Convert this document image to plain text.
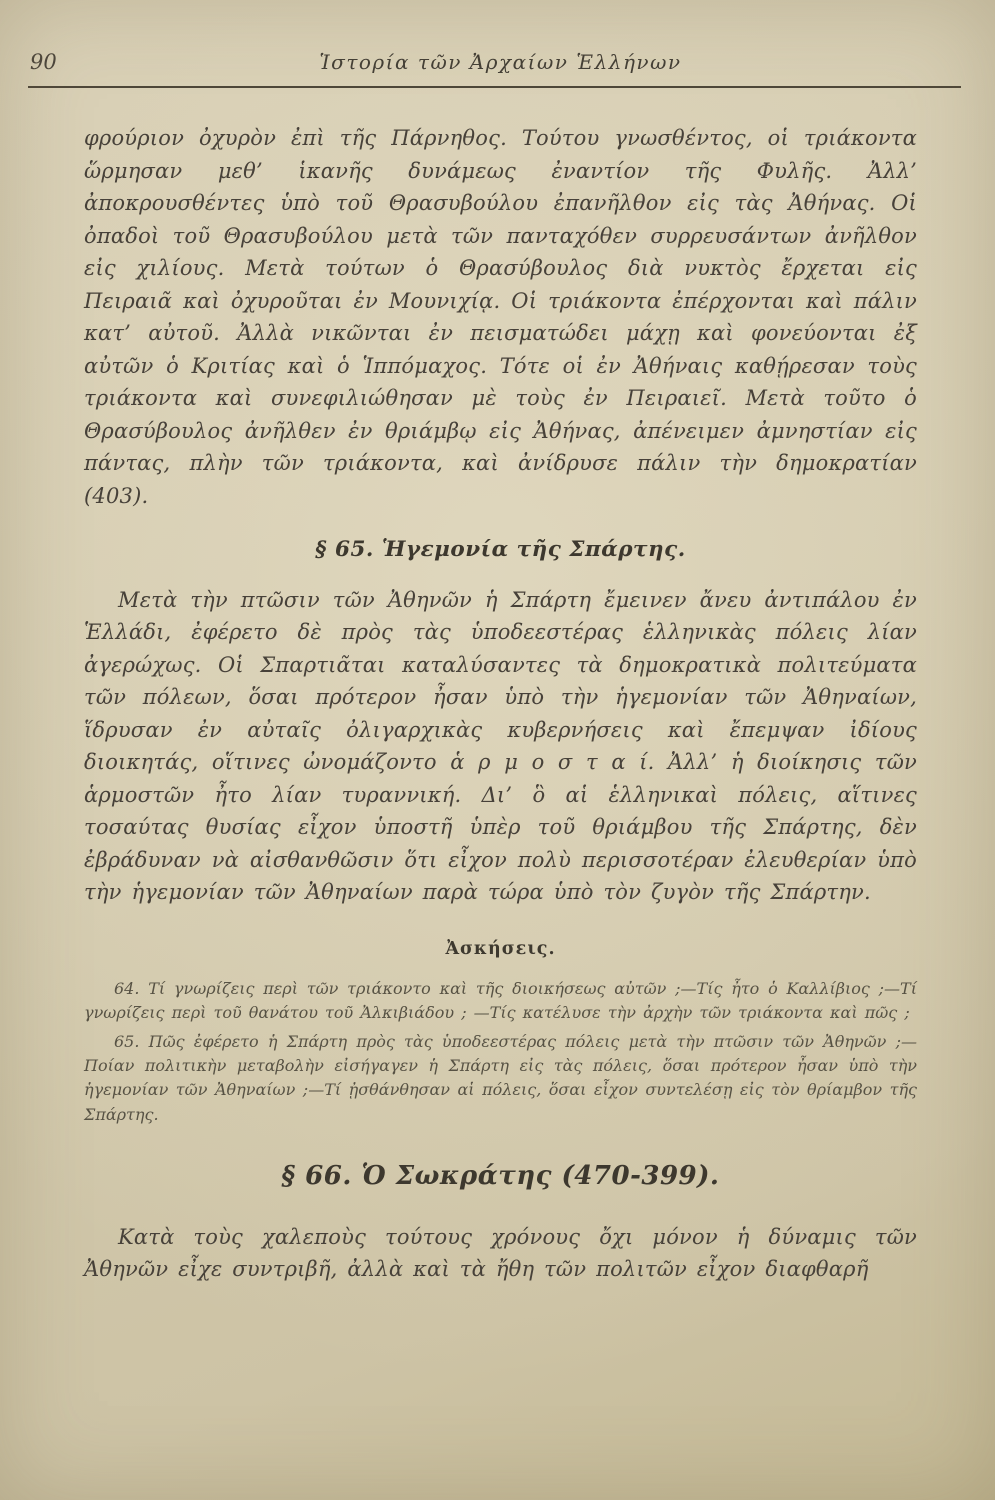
90	Ἱστορία τῶν Ἀρχαίων Ἑλλήνων

φρούριον ὀχυρὸν ἐπὶ τῆς Πάρνηθος. Τούτου γνωσθέντος, οἱ τριάκοντα ὥρμησαν μεθ’ ἱκανῆς δυνάμεως ἐναντίον τῆς Φυλῆς. Ἀλλ’ ἀποκρουσθέντες ὑπὸ τοῦ Θρασυβούλου ἐπανῆλθον εἰς τὰς Ἀθήνας. Οἱ ὀπαδοὶ τοῦ Θρασυβούλου μετὰ τῶν πανταχόθεν συρρευσάντων ἀνῆλθον εἰς χιλίους. Μετὰ τούτων ὁ Θρασύβουλος διὰ νυκτὸς ἔρχεται εἰς Πειραιᾶ καὶ ὀχυροῦται ἐν Μουνιχίᾳ. Οἱ τριάκοντα ἐπέρχονται καὶ πάλιν κατ’ αὐτοῦ. Ἀλλὰ νικῶνται ἐν πεισματώδει μάχῃ καὶ φονεύονται ἐξ αὐτῶν ὁ Κριτίας καὶ ὁ Ἱππόμαχος. Τότε οἱ ἐν Ἀθήναις καθῄρεσαν τοὺς τριάκοντα καὶ συνεφιλιώθησαν μὲ τοὺς ἐν Πειραιεῖ. Μετὰ τοῦτο ὁ Θρασύβουλος ἀνῆλθεν ἐν θριάμβῳ εἰς Ἀθήνας, ἀπένειμεν ἀμνηστίαν εἰς πάντας, πλὴν τῶν τριάκοντα, καὶ ἀνίδρυσε πάλιν τὴν δημοκρατίαν (403).

§ 65. Ἡγεμονία τῆς Σπάρτης.

Μετὰ τὴν πτῶσιν τῶν Ἀθηνῶν ἡ Σπάρτη ἔμεινεν ἄνευ ἀντιπάλου ἐν Ἑλλάδι, ἐφέρετο δὲ πρὸς τὰς ὑποδεεστέρας ἑλληνικὰς πόλεις λίαν ἀγερώχως. Οἱ Σπαρτιᾶται καταλύσαντες τὰ δημοκρατικὰ πολιτεύματα τῶν πόλεων, ὅσαι πρότερον ἦσαν ὑπὸ τὴν ἡγεμονίαν τῶν Ἀθηναίων, ἵδρυσαν ἐν αὐταῖς ὀλιγαρχικὰς κυβερνήσεις καὶ ἔπεμψαν ἰδίους διοικητάς, οἵτινες ὠνομάζοντο ἁ ρ μ ο σ τ α ί. Ἀλλ’ ἡ διοίκησις τῶν ἁρμοστῶν ἦτο λίαν τυραννική. Δι’ ὃ αἱ ἑλληνικαὶ πόλεις, αἵτινες τοσαύτας θυσίας εἶχον ὑποστῆ ὑπὲρ τοῦ θριάμβου τῆς Σπάρτης, δὲν ἐβράδυναν νὰ αἰσθανθῶσιν ὅτι εἶχον πολὺ περισσοτέραν ἐλευθερίαν ὑπὸ τὴν ἡγεμονίαν τῶν Ἀθηναίων παρὰ τώρα ὑπὸ τὸν ζυγὸν τῆς Σπάρτην.

Ἀσκήσεις.

64. Τί γνωρίζεις περὶ τῶν τριάκοντο καὶ τῆς διοικήσεως αὐτῶν ;—Τίς ἦτο ὁ Καλλίβιος ;—Τί γνωρίζεις περὶ τοῦ θανάτου τοῦ Ἀλκιβιάδου ; —Τίς κατέλυσε τὴν ἀρχὴν τῶν τριάκοντα καὶ πῶς ;

65. Πῶς ἐφέρετο ἡ Σπάρτη πρὸς τὰς ὑποδεεστέρας πόλεις μετὰ τὴν πτῶσιν τῶν Ἀθηνῶν ;—Ποίαν πολιτικὴν μεταβολὴν εἰσήγαγεν ἡ Σπάρτη εἰς τὰς πόλεις, ὅσαι πρότερον ἦσαν ὑπὸ τὴν ἡγεμονίαν τῶν Ἀθηναίων ;—Τί ᾐσθάνθησαν αἱ πόλεις, ὅσαι εἶχον συντελέσῃ εἰς τὸν θρίαμβον τῆς Σπάρτης.

§ 66. Ὁ Σωκράτης (470-399).

Κατὰ τοὺς χαλεποὺς τούτους χρόνους ὄχι μόνον ἡ δύναμις τῶν Ἀθηνῶν εἶχε συντριβῆ, ἀλλὰ καὶ τὰ ἤθη τῶν πολιτῶν εἶχον διαφθαρῆ
